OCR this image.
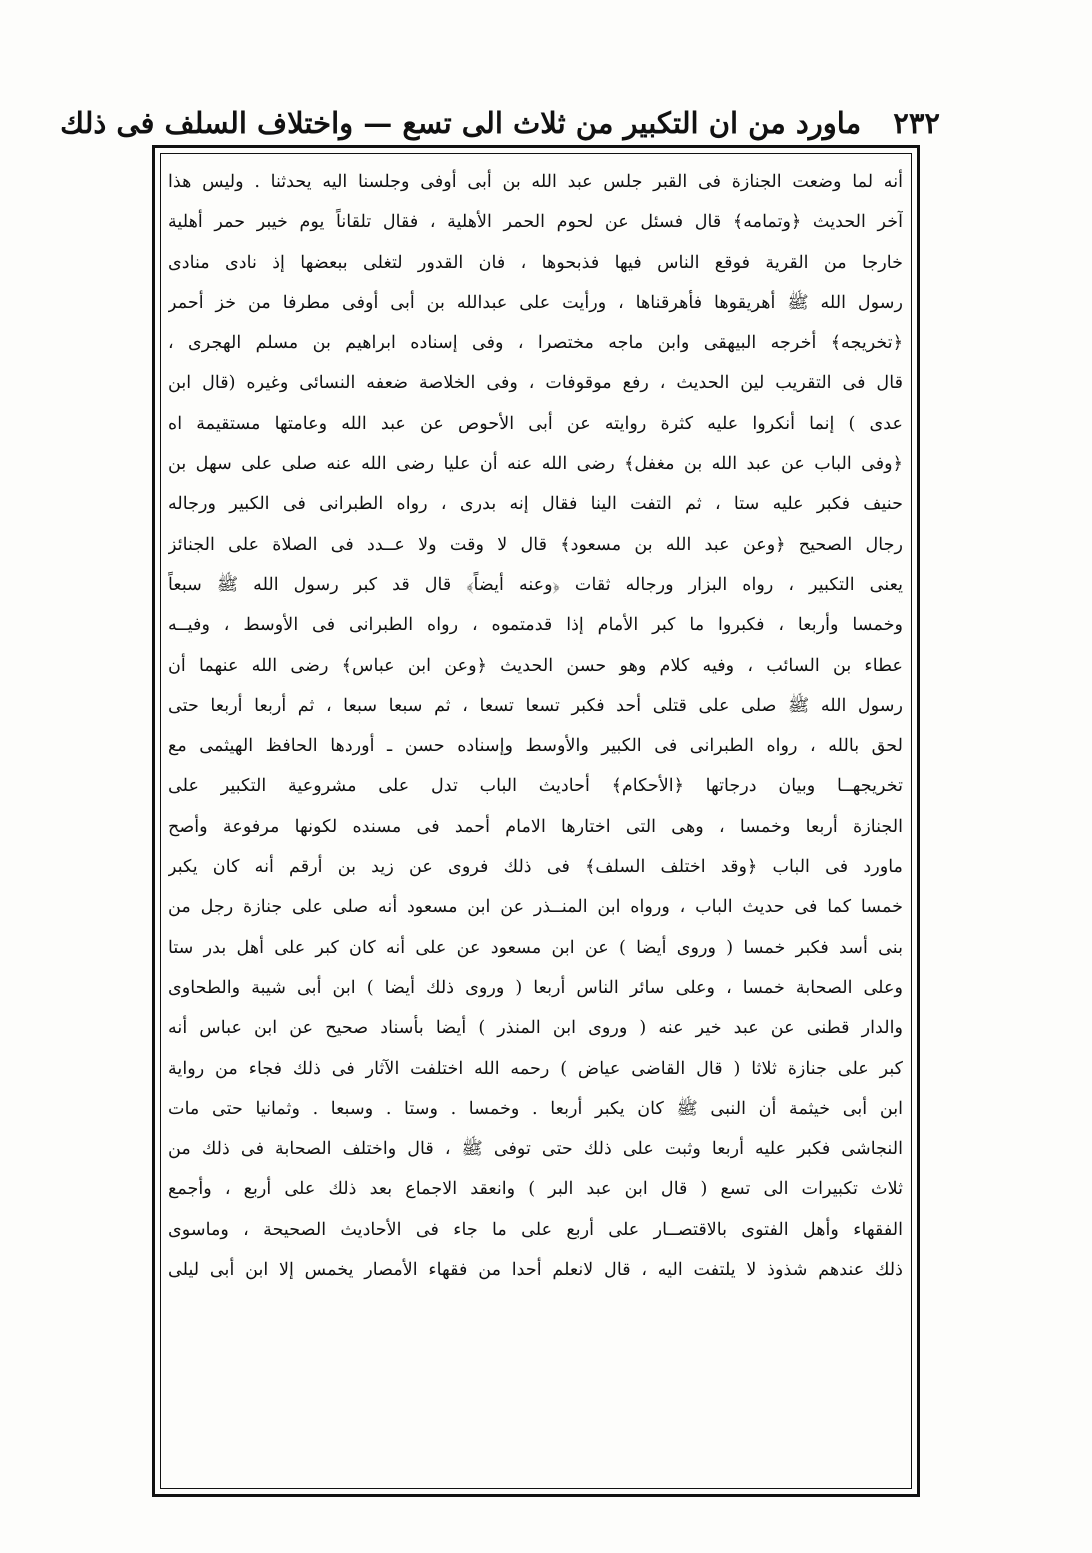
٢٣٢ ماورد من ان التكبير من ثلاث الى تسع — واختلاف السلف فى ذلك
أنه لما وضعت الجنازة فى القبر جلس عبد الله بن أبى أوفى وجلسنا اليه يحدثنا . وليس هذا
آخر الحديث ﴿وتمامه﴾ قال فسئل عن لحوم الحمر الأهلية ، فقال تلقاناً يوم خيبر حمر أهلية
خارجا من القرية فوقع الناس فيها فذبحوها ، فان القدور لتغلى ببعضها إذ نادى منادى
رسول الله ﷺ أهريقوها فأهرقناها ، ورأيت على عبدالله بن أبى أوفى مطرفا من خز أحمر
﴿تخريجه﴾ أخرجه البيهقى وابن ماجه مختصرا ، وفى إسناده ابراهيم بن مسلم الهجرى ،
قال فى التقريب لين الحديث ، رفع موقوفات ، وفى الخلاصة ضعفه النسائى وغيره (قال ابن
عدى ) إنما أنكروا عليه كثرة روايته عن أبى الأحوص عن عبد الله وعامتها مستقيمة اه
﴿وفى الباب عن عبد الله بن مغفل﴾ رضى الله عنه أن عليا رضى الله عنه صلى على سهل بن
حنيف فكبر عليه ستا ، ثم التفت الينا فقال إنه بدرى ، رواه الطبرانى فى الكبير ورجاله
رجال الصحيح ﴿وعن عبد الله بن مسعود﴾ قال لا وقت ولا عــدد فى الصلاة على الجنائز
يعنى التكبير ، رواه البزار ورجاله ثقات ﴿وعنه أيضاً﴾ قال قد كبر رسول الله ﷺ سبعاً
وخمسا وأربعا ، فكبروا ما كبر الأمام إذا قدمتموه ، رواه الطبرانى فى الأوسط ، وفيــه
عطاء بن السائب ، وفيه كلام وهو حسن الحديث ﴿وعن ابن عباس﴾ رضى الله عنهما أن
رسول الله ﷺ صلى على قتلى أحد فكبر تسعا تسعا ، ثم سبعا سبعا ، ثم أربعا أربعا حتى
لحق بالله ، رواه الطبرانى فى الكبير والأوسط وإسناده حسن ـ أوردها الحافظ الهيثمى مع
تخريجهــا وبيان درجاتها ﴿الأحكام﴾ أحاديث الباب تدل على مشروعية التكبير على
الجنازة أربعا وخمسا ، وهى التى اختارها الامام أحمد فى مسنده لكونها مرفوعة وأصح
ماورد فى الباب ﴿وقد اختلف السلف﴾ فى ذلك فروى عن زيد بن أرقم أنه كان يكبر
خمسا كما فى حديث الباب ، ورواه ابن المنــذر عن ابن مسعود أنه صلى على جنازة رجل من
بنى أسد فكبر خمسا ( وروى أيضا ) عن ابن مسعود عن على أنه كان كبر على أهل بدر ستا
وعلى الصحابة خمسا ، وعلى سائر الناس أربعا ( وروى ذلك أيضا ) ابن أبى شيبة والطحاوى
والدار قطنى عن عبد خير عنه ( وروى ابن المنذر ) أيضا بأسناد صحيح عن ابن عباس أنه
كبر على جنازة ثلاثا ( قال القاضى عياض ) رحمه الله اختلفت الآثار فى ذلك فجاء من رواية
ابن أبى خيثمة أن النبى ﷺ كان يكبر أربعا . وخمسا . وستا . وسبعا . وثمانيا حتى مات
النجاشى فكبر عليه أربعا وثبت على ذلك حتى توفى ﷺ ، قال واختلف الصحابة فى ذلك من
ثلاث تكبيرات الى تسع ( قال ابن عبد البر ) وانعقد الاجماع بعد ذلك على أربع ، وأجمع
الفقهاء وأهل الفتوى بالاقتصــار على أربع على ما جاء فى الأحاديث الصحيحة ، وماسوى
ذلك عندهم شذوذ لا يلتفت اليه ، قال لانعلم أحدا من فقهاء الأمصار يخمس إلا ابن أبى ليلى
